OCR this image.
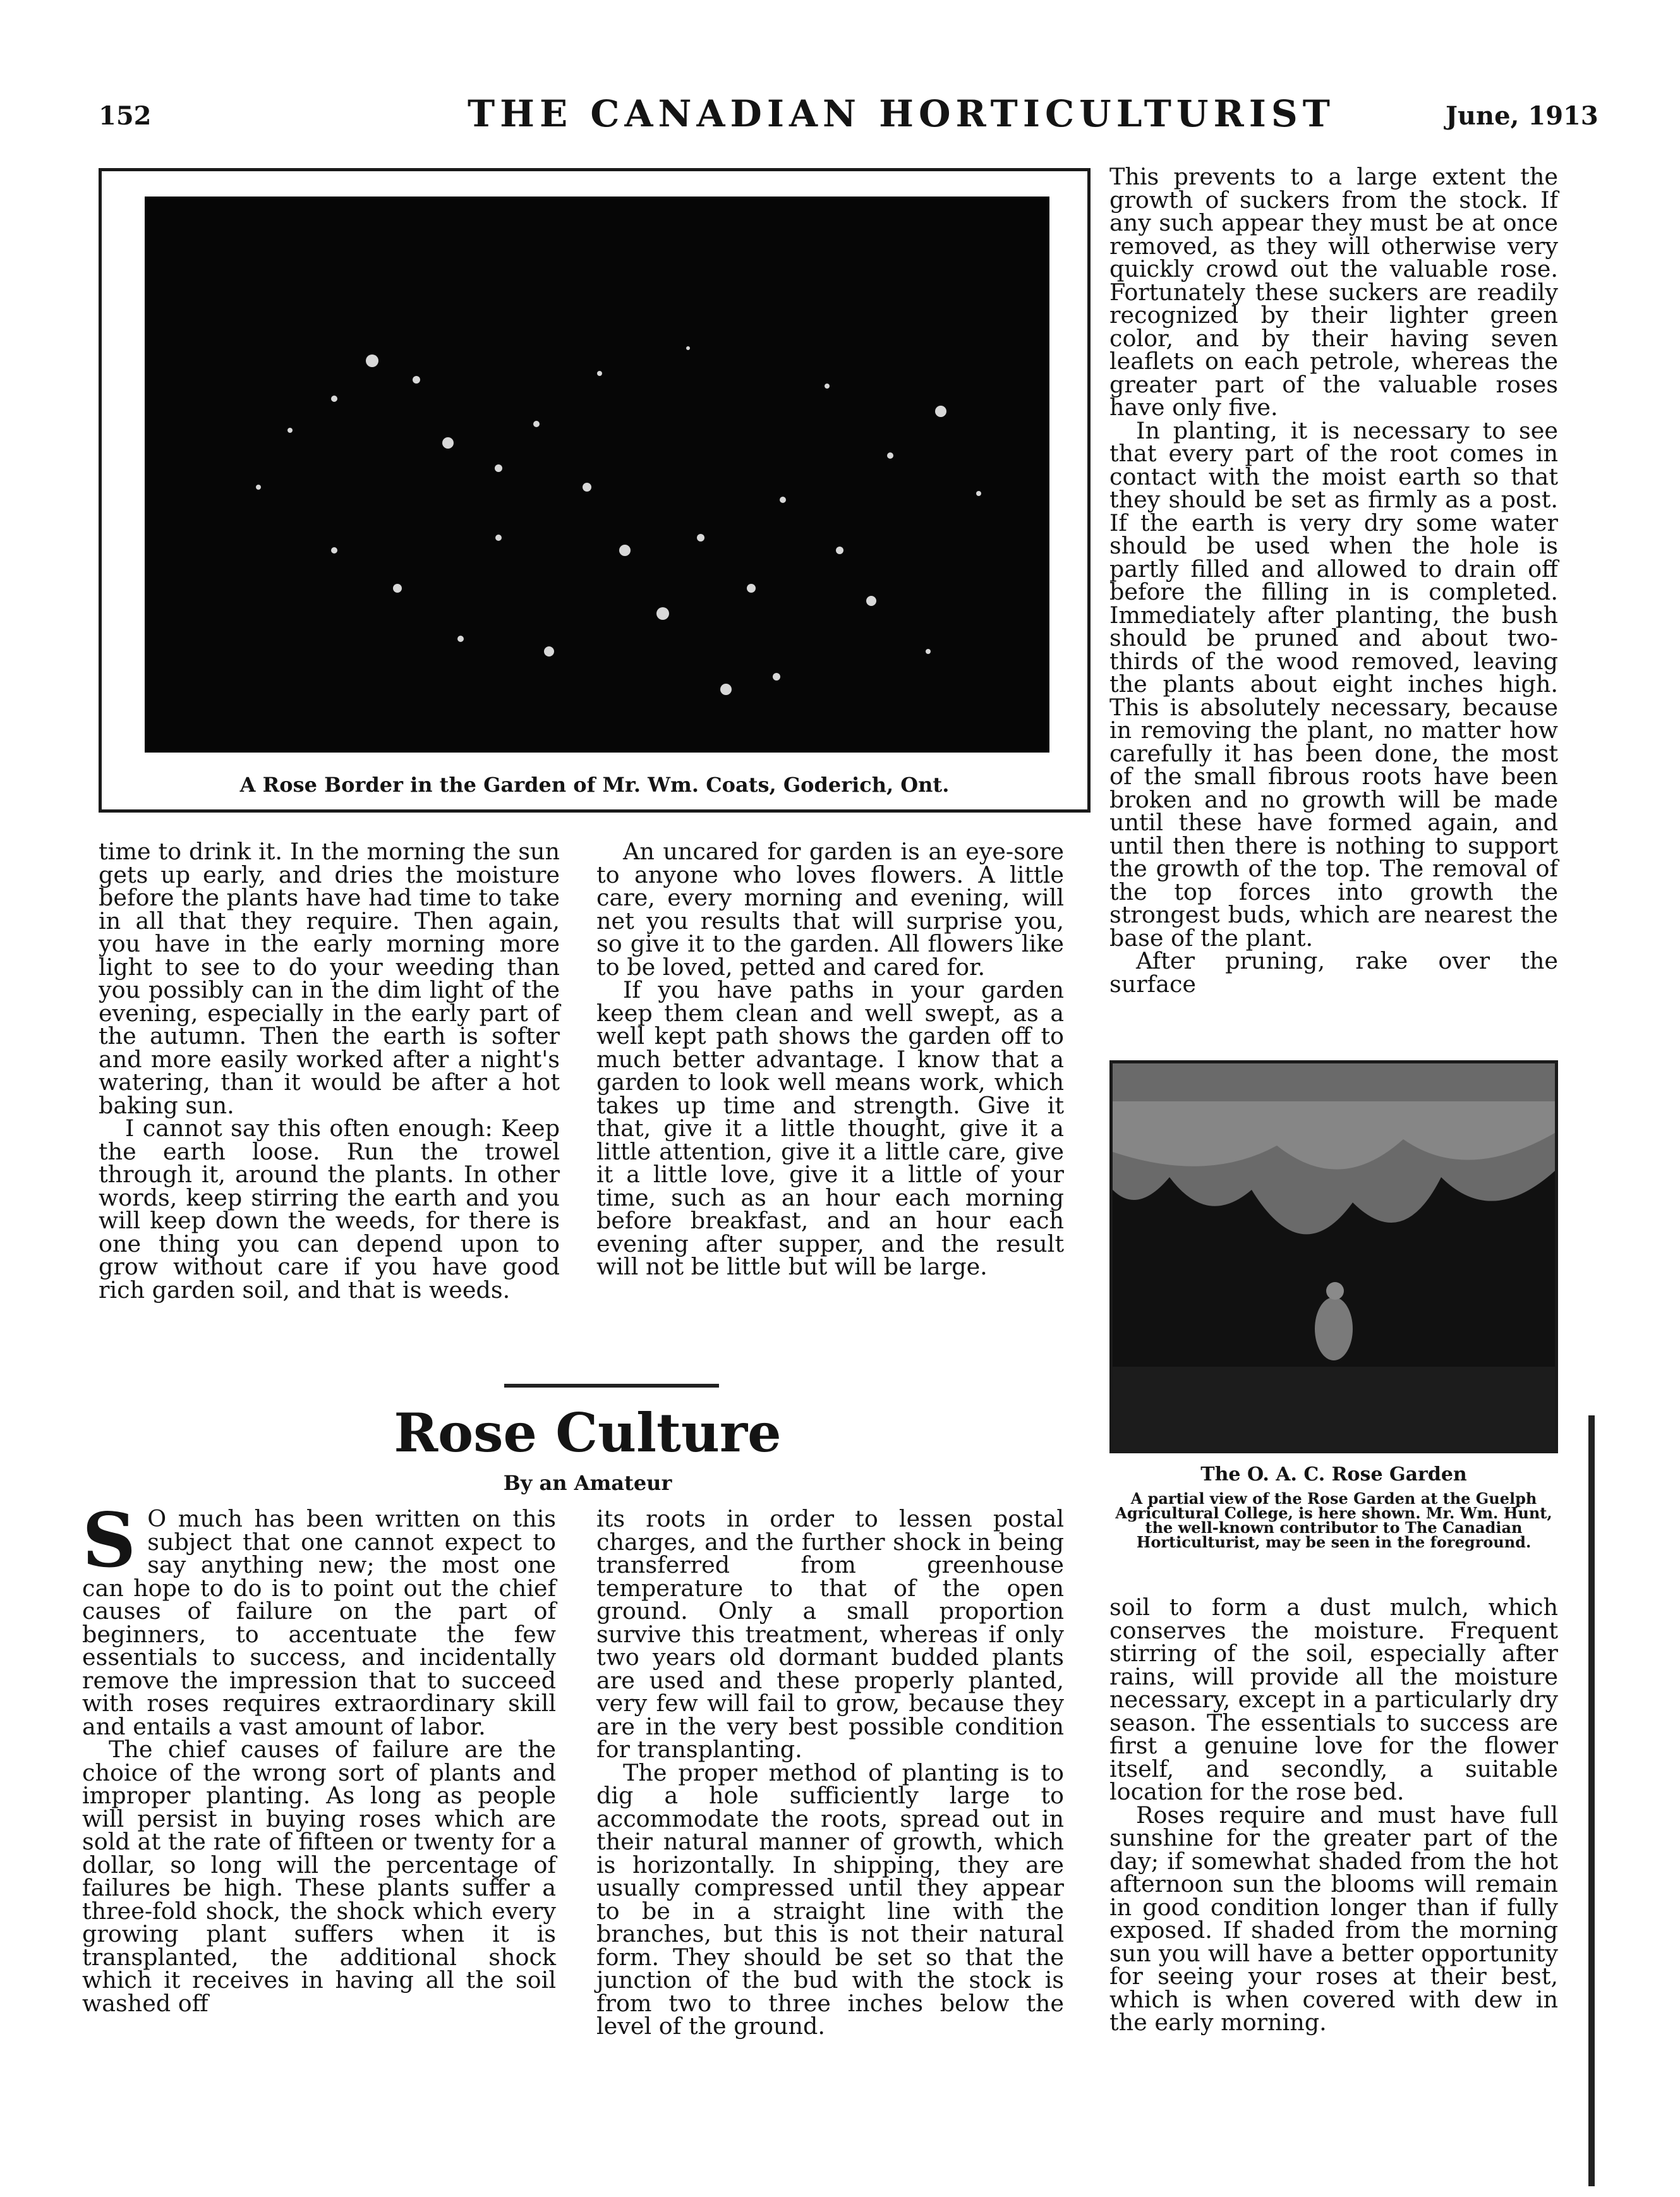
152	THE CANADIAN HORTICULTURIST	June, 1913
A Rose Border in the Garden of Mr. Wm. Coats, Goderich, Ont.

time to drink it. In the morning the sun gets up early, and dries the moisture before the plants have had time to take in all that they require. Then again, you have in the early morning more light to see to do your weeding than you possibly can in the dim light of the evening, especially in the early part of the autumn. Then the earth is softer and more easily worked after a night's watering, than it would be after a hot baking sun.

I cannot say this often enough: Keep the earth loose. Run the trowel through it, around the plants. In other words, keep stirring the earth and you will keep down the weeds, for there is one thing you can depend upon to grow without care if you have good rich garden soil, and that is weeds.

An uncared for garden is an eye-sore to anyone who loves flowers. A little care, every morning and evening, will net you results that will surprise you, so give it to the garden. All flowers like to be loved, petted and cared for.

If you have paths in your garden keep them clean and well swept, as a well kept path shows the garden off to much better advantage. I know that a garden to look well means work, which takes up time and strength. Give it that, give it a little thought, give it a little attention, give it a little care, give it a little love, give it a little of your time, such as an hour each morning before breakfast, and an hour each evening after supper, and the result will not be little but will be large.

This prevents to a large extent the growth of suckers from the stock. If any such appear they must be at once removed, as they will otherwise very quickly crowd out the valuable rose. Fortunately these suckers are readily recognized by their lighter green color, and by their having seven leaflets on each petrole, whereas the greater part of the valuable roses have only five.

In planting, it is necessary to see that every part of the root comes in contact with the moist earth so that they should be set as firmly as a post. If the earth is very dry some water should be used when the hole is partly filled and allowed to drain off before the filling in is completed. Immediately after planting, the bush should be pruned and about two-thirds of the wood removed, leaving the plants about eight inches high. This is absolutely necessary, because in removing the plant, no matter how carefully it has been done, the most of the small fibrous roots have been broken and no growth will be made until these have formed again, and until then there is nothing to support the growth of the top. The removal of the top forces into growth the strongest buds, which are nearest the base of the plant.

After pruning, rake over the surface

Rose Culture
By an Amateur

S O much has been written on this subject that one cannot expect to say anything new; the most one can hope to do is to point out the chief causes of failure on the part of beginners, to accentuate the few essentials to success, and incidentally remove the impression that to succeed with roses requires extraordinary skill and entails a vast amount of labor.

The chief causes of failure are the choice of the wrong sort of plants and improper planting. As long as people will persist in buying roses which are sold at the rate of fifteen or twenty for a dollar, so long will the percentage of failures be high. These plants suffer a three-fold shock, the shock which every growing plant suffers when it is transplanted, the additional shock which it receives in having all the soil washed off

its roots in order to lessen postal charges, and the further shock in being transferred from greenhouse temperature to that of the open ground. Only a small proportion survive this treatment, whereas if only two years old dormant budded plants are used and these properly planted, very few will fail to grow, because they are in the very best possible condition for transplanting.

The proper method of planting is to dig a hole sufficiently large to accommodate the roots, spread out in their natural manner of growth, which is horizontally. In shipping, they are usually compressed until they appear to be in a straight line with the branches, but this is not their natural form. They should be set so that the junction of the bud with the stock is from two to three inches below the level of the ground.

The O. A. C. Rose Garden
A partial view of the Rose Garden at the Guelph Agricultural College, is here shown. Mr. Wm. Hunt, the well-known contributor to The Canadian Horticulturist, may be seen in the foreground.

soil to form a dust mulch, which conserves the moisture. Frequent stirring of the soil, especially after rains, will provide all the moisture necessary, except in a particularly dry season. The essentials to success are first a genuine love for the flower itself, and secondly, a suitable location for the rose bed.

Roses require and must have full sunshine for the greater part of the day; if somewhat shaded from the hot afternoon sun the blooms will remain in good condition longer than if fully exposed. If shaded from the morning sun you will have a better opportunity for seeing your roses at their best, which is when covered with dew in the early morning.
